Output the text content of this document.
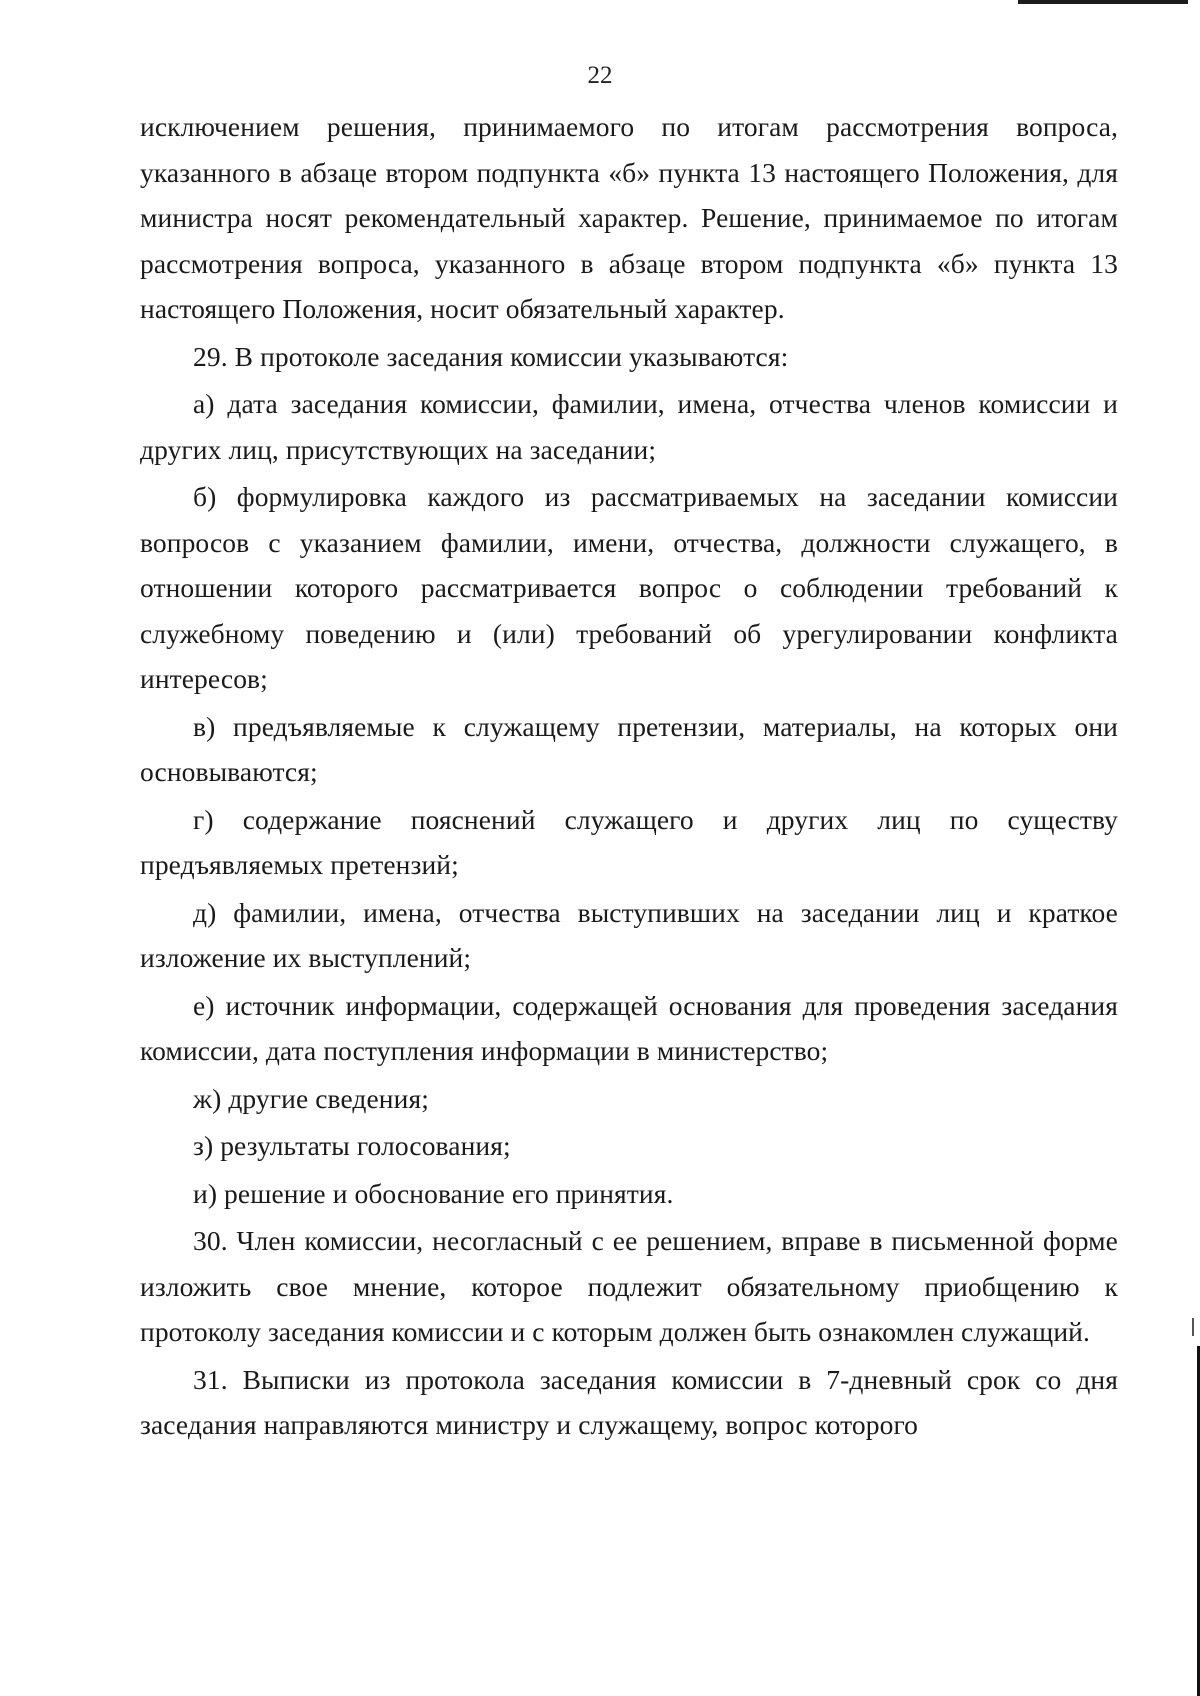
22

исключением решения, принимаемого по итогам рассмотрения вопроса, указанного в абзаце втором подпункта «б» пункта 13 настоящего Положения, для министра носят рекомендательный характер. Решение, принимаемое по итогам рассмотрения вопроса, указанного в абзаце втором подпункта «б» пункта 13 настоящего Положения, носит обязательный характер.

29. В протоколе заседания комиссии указываются:

а) дата заседания комиссии, фамилии, имена, отчества членов комиссии и других лиц, присутствующих на заседании;

б) формулировка каждого из рассматриваемых на заседании комиссии вопросов с указанием фамилии, имени, отчества, должности служащего, в отношении которого рассматривается вопрос о соблюдении требований к служебному поведению и (или) требований об урегулировании конфликта интересов;

в) предъявляемые к служащему претензии, материалы, на которых они основываются;

г) содержание пояснений служащего и других лиц по существу предъявляемых претензий;

д) фамилии, имена, отчества выступивших на заседании лиц и краткое изложение их выступлений;

е) источник информации, содержащей основания для проведения заседания комиссии, дата поступления информации в министерство;

ж) другие сведения;

з) результаты голосования;

и) решение и обоснование его принятия.

30. Член комиссии, несогласный с ее решением, вправе в письменной форме изложить свое мнение, которое подлежит обязательному приобщению к протоколу заседания комиссии и с которым должен быть ознакомлен служащий.

31. Выписки из протокола заседания комиссии в 7-дневный срок со дня заседания направляются министру и служащему, вопрос которого
